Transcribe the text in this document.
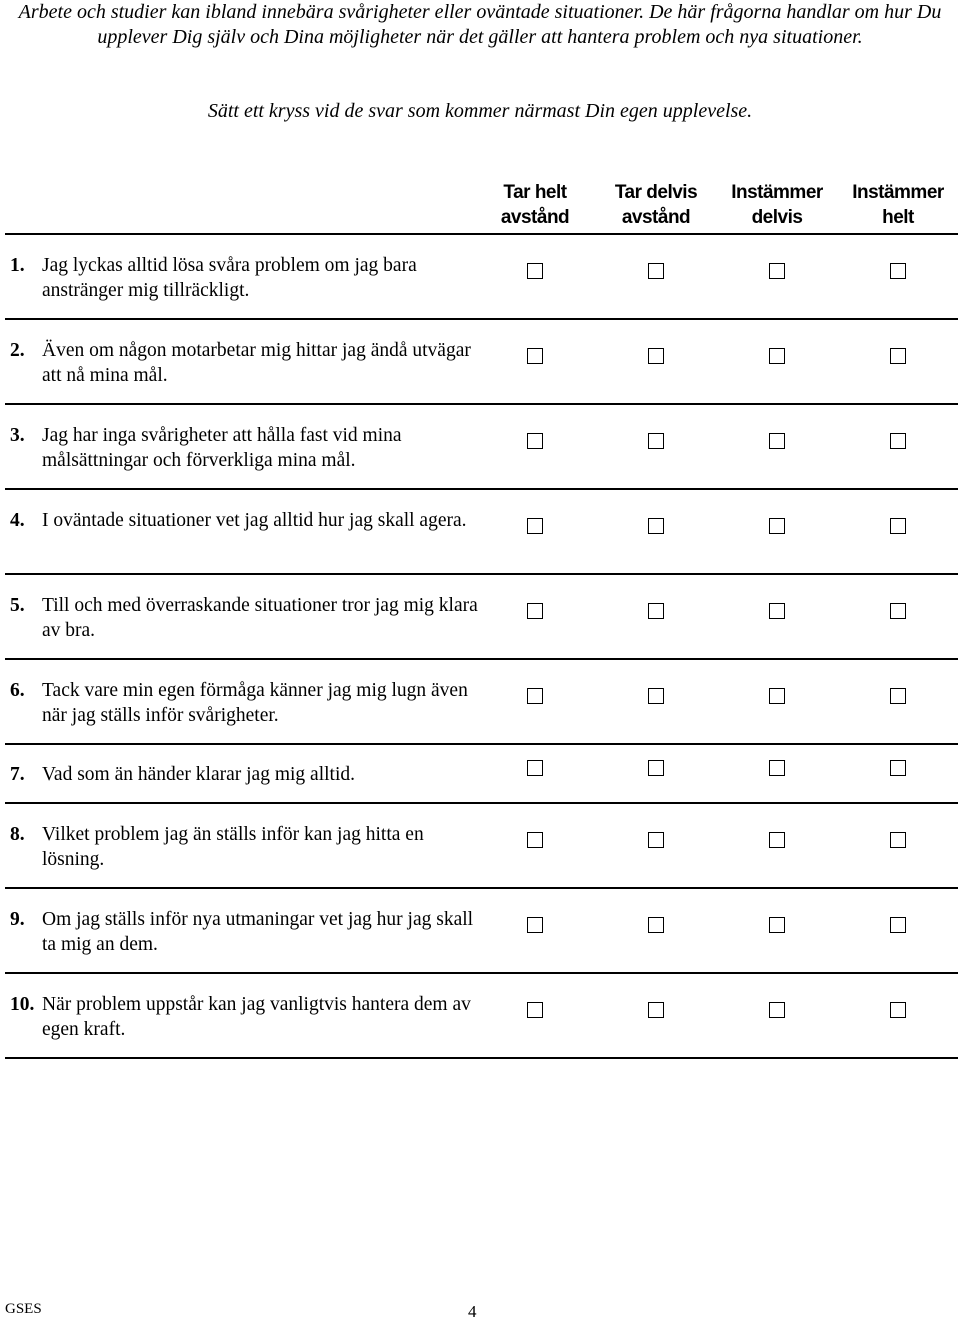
Arbete och studier kan ibland innebära svårigheter eller oväntade situationer. De här frågorna handlar om hur Du upplever Dig själv och Dina möjligheter när det gäller att hantera problem och nya situationer.
Sätt ett kryss vid de svar som kommer närmast Din egen upplevelse.
Tar helt
avstånd
Tar delvis
avstånd
Instämmer
delvis
Instämmer
helt
1. Jag lyckas alltid lösa svåra problem om jag bara anstränger mig tillräckligt.
2. Även om någon motarbetar mig hittar jag ändå utvägar att nå mina mål.
3. Jag har inga svårigheter att hålla fast vid mina målsättningar och förverkliga mina mål.
4. I oväntade situationer vet jag alltid hur jag skall agera.
5. Till och med överraskande situationer tror jag mig klara av bra.
6. Tack vare min egen förmåga känner jag mig lugn även när jag ställs inför svårigheter.
7. Vad som än händer klarar jag mig alltid.
8. Vilket problem jag än ställs inför kan jag hitta en lösning.
9. Om jag ställs inför nya utmaningar vet jag hur jag skall ta mig an dem.
10. När problem uppstår kan jag vanligtvis hantera dem av egen kraft.
GSES	4
